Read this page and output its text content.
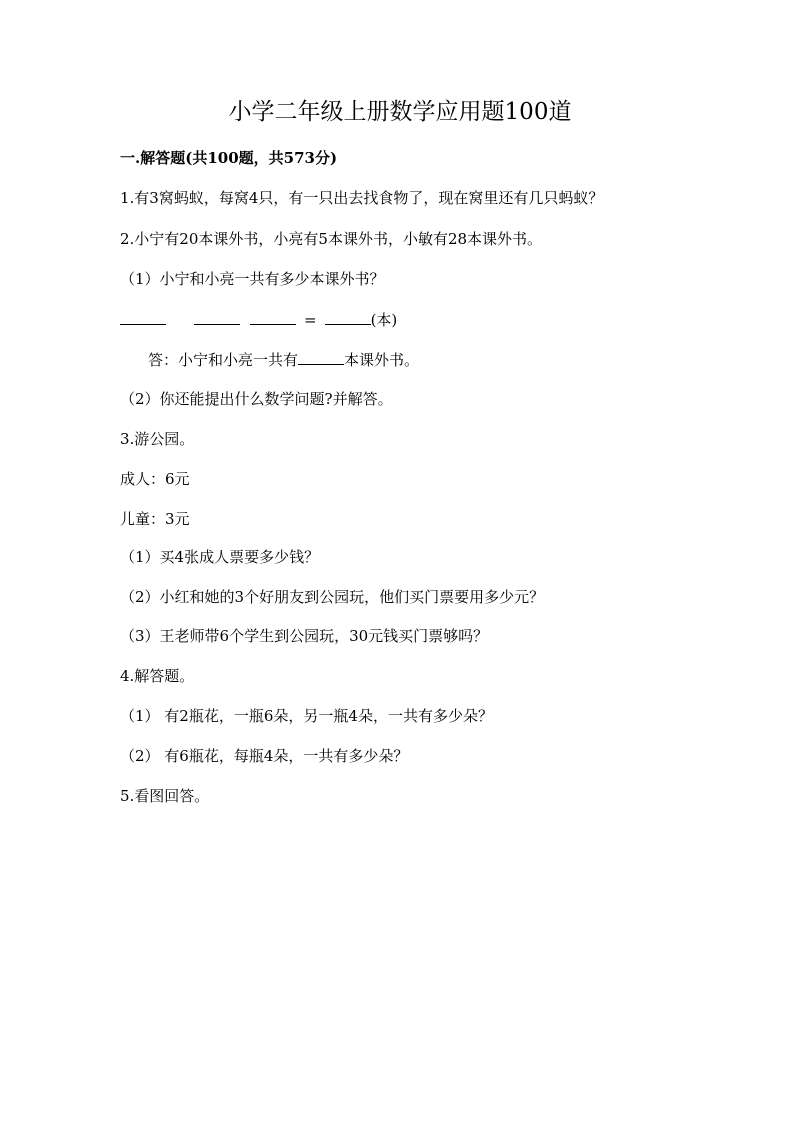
小学二年级上册数学应用题100道
一.解答题(共100题，共573分)
1.有3窝蚂蚁，每窝4只，有一只出去找食物了，现在窝里还有几只蚂蚁？
2.小宁有20本课外书，小亮有5本课外书，小敏有28本课外书。
（1）小宁和小亮一共有多少本课外书？
=	(本)
答：小宁和小亮一共有	本课外书。
（2）你还能提出什么数学问题?并解答。
3.游公园。
成人：6元
儿童：3元
（1）买4张成人票要多少钱？
（2）小红和她的3个好朋友到公园玩，他们买门票要用多少元？
（3）王老师带6个学生到公园玩，30元钱买门票够吗？
4.解答题。
（1） 有2瓶花，一瓶6朵，另一瓶4朵，一共有多少朵？
（2） 有6瓶花，每瓶4朵，一共有多少朵？
5.看图回答。
